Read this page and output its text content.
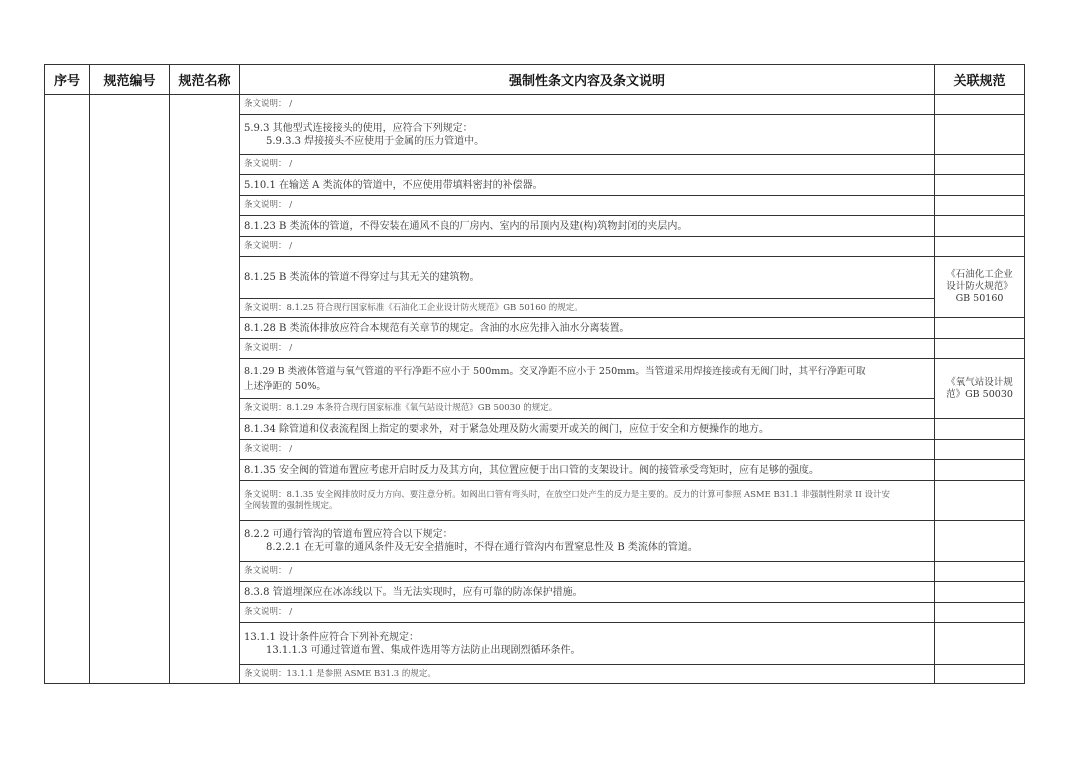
序号	规范编号	规范名称	强制性条文内容及条文说明	关联规范
			条文说明： /	

			5.9.3 其他型式连接接头的使用，应符合下列规定：
5.9.3.3 焊接接头不应使用于金属的压力管道中。	

			条文说明： /	
			5.10.1 在输送 A 类流体的管道中，不应使用带填料密封的补偿器。	
			条文说明： /	
			8.1.23 B 类流体的管道，不得安装在通风不良的厂房内、室内的吊顶内及建(构)筑物封闭的夹层内。	
			条文说明： /	
			8.1.25 B 类流体的管道不得穿过与其无关的建筑物。	《石油化工企业
设计防火规范》
GB 50160

			条文说明：8.1.25 符合现行国家标准《石油化工企业设计防火规范》GB 50160 的规定。	
			8.1.28 B 类流体排放应符合本规范有关章节的规定。含油的水应先排入油水分离装置。	
			条文说明： /	

			8.1.29 B 类液体管道与氧气管道的平行净距不应小于 500mm。交叉净距不应小于 250mm。当管道采用焊接连接或有无阀门时，其平行净距可取
上述净距的 50%。	《氧气站设计规
范》GB 50030

			条文说明：8.1.29 本条符合现行国家标准《氧气站设计规范》GB 50030 的规定。	
			8.1.34 除管道和仪表流程图上指定的要求外，对于紧急处理及防火需要开或关的阀门，应位于安全和方便操作的地方。	
			条文说明： /	
			8.1.35 安全阀的管道布置应考虑开启时反力及其方向，其位置应便于出口管的支架设计。阀的接管承受弯矩时，应有足够的强度。	

			条文说明：8.1.35 安全阀排放时反力方向、要注意分析。如阀出口管有弯头时，在放空口处产生的反力是主要的。反力的计算可参照 ASME B31.1 非强制性附录 II 设计安
全阀装置的强制性规定。	

			8.2.2 可通行管沟的管道布置应符合以下规定：
8.2.2.1 在无可靠的通风条件及无安全措施时，不得在通行管沟内布置窒息性及 B 类流体的管道。	

			条文说明： /	
			8.3.8 管道埋深应在冰冻线以下。当无法实现时，应有可靠的防冻保护措施。	
			条文说明： /	

			13.1.1 设计条件应符合下列补充规定：
13.1.1.3 可通过管道布置、集成件选用等方法防止出现剧烈循环条件。	

			条文说明：13.1.1 是参照 ASME B31.3 的规定。	
